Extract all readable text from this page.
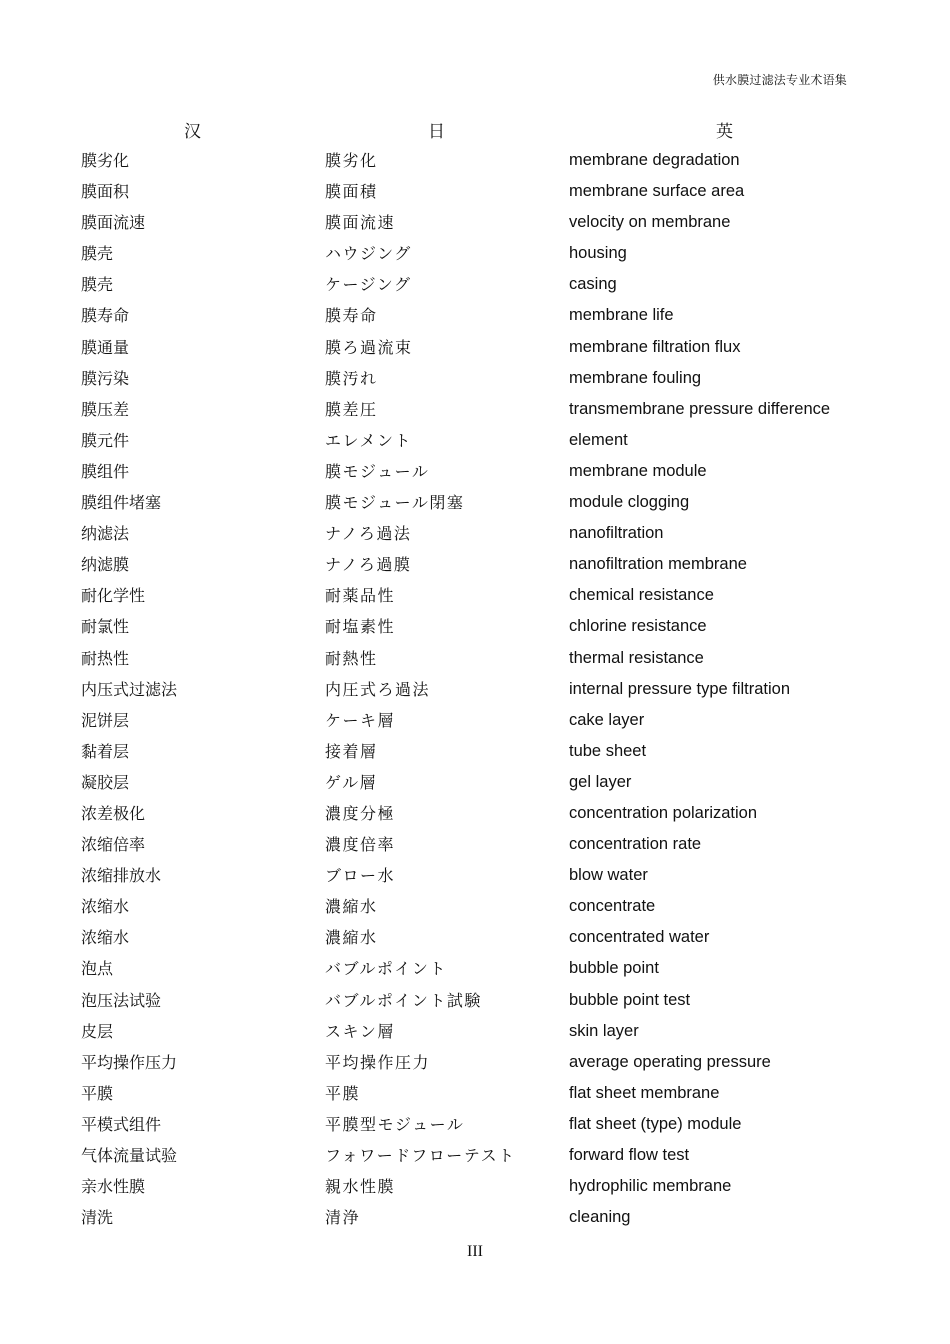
供水膜过滤法专业术语集
汉	日	英
膜劣化	膜劣化	membrane degradation
膜面积	膜面積	membrane surface area
膜面流速	膜面流速	velocity on membrane
膜壳	ハウジング	housing
膜壳	ケージング	casing
膜寿命	膜寿命	membrane life
膜通量	膜ろ過流束	membrane filtration flux
膜污染	膜汚れ	membrane fouling
膜压差	膜差圧	transmembrane pressure difference
膜元件	エレメント	element
膜组件	膜モジュール	membrane module
膜组件堵塞	膜モジュール閉塞	module clogging
纳滤法	ナノろ過法	nanofiltration
纳滤膜	ナノろ過膜	nanofiltration membrane
耐化学性	耐薬品性	chemical resistance
耐氯性	耐塩素性	chlorine resistance
耐热性	耐熱性	thermal resistance
内压式过滤法	内圧式ろ過法	internal pressure type filtration
泥饼层	ケーキ層	cake layer
黏着层	接着層	tube sheet
凝胶层	ゲル層	gel layer
浓差极化	濃度分極	concentration polarization
浓缩倍率	濃度倍率	concentration rate
浓缩排放水	ブロー水	blow water
浓缩水	濃縮水	concentrate
浓缩水	濃縮水	concentrated water
泡点	バブルポイント	bubble point
泡压法试验	バブルポイント試験	bubble point test
皮层	スキン層	skin layer
平均操作压力	平均操作圧力	average operating pressure
平膜	平膜	flat sheet membrane
平模式组件	平膜型モジュール	flat sheet (type) module
气体流量试验	フォワードフローテスト	forward flow test
亲水性膜	親水性膜	hydrophilic membrane
清洗	清浄	cleaning
III
